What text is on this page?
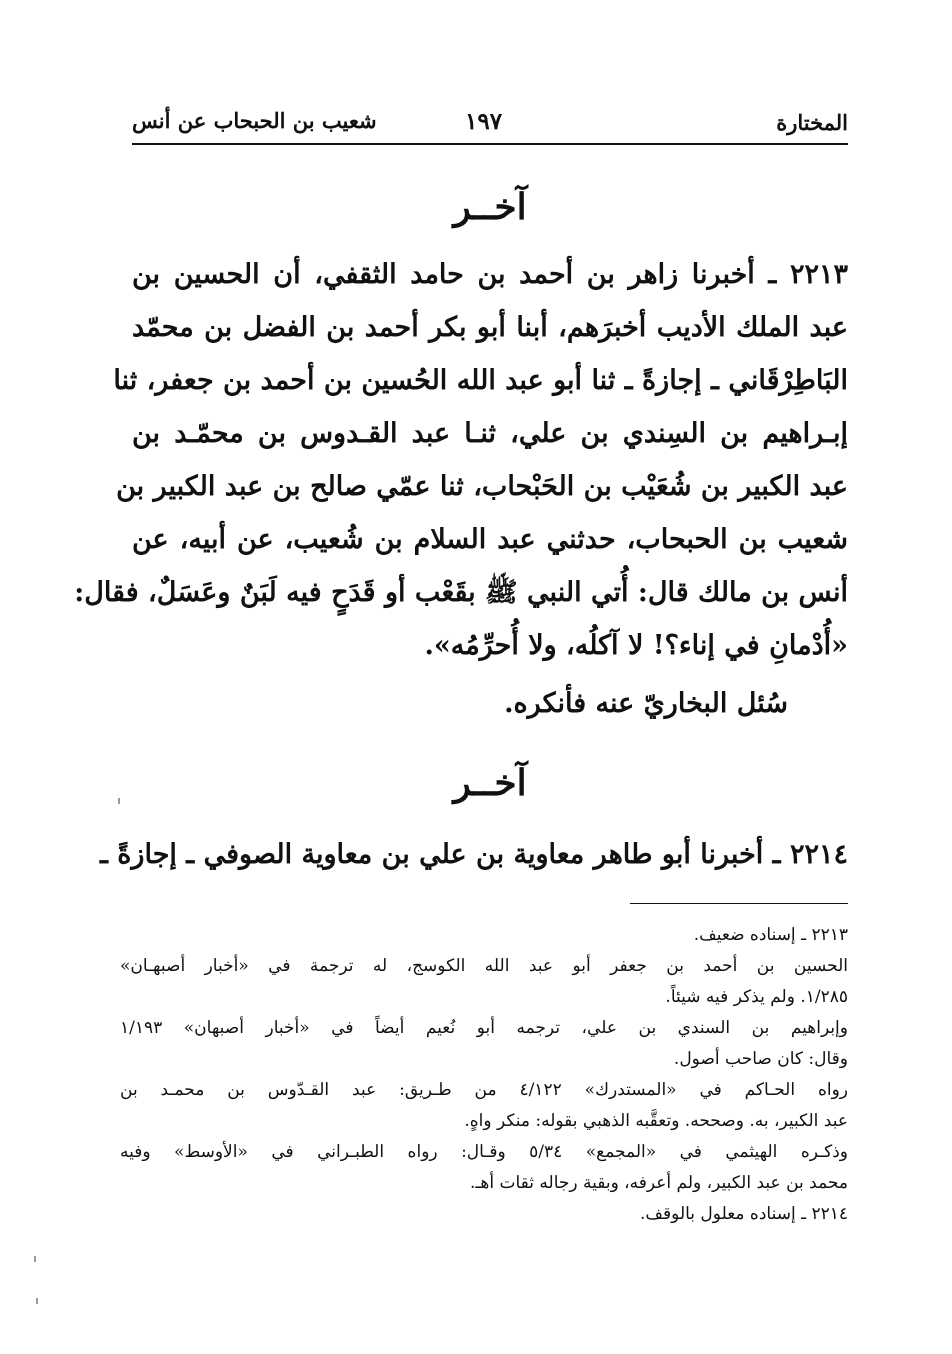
المختارة
١٩٧
شعيب بن الحبحاب عن أنس
آخــر
٢٢١٣ ـ أخبرنا زاهر بن أحمد بن حامد الثقفي، أن الحسين بن
عبد الملك الأديب أخبرَهم، أبنا أبو بكر أحمد بن الفضل بن محمّد
البَاطِرْقَاني ـ إجازةً ـ ثنا أبو عبد الله الحُسين بن أحمد بن جعفر، ثنا
إبـراهيم بن السِندي بن علي، ثنـا عبد القـدوس بن محمّـد بن
عبد الكبير بن شُعَيْب بن الحَبْحاب، ثنا عمّي صالح بن عبد الكبير بن
شعيب بن الحبحاب، حدثني عبد السلام بن شُعيب، عن أبيه، عن
أنس بن مالك قال: أُتي النبي ﷺ بقَعْب أو قَدَحٍ فيه لَبَنٌ وعَسَلٌ، فقال:
«أُدْمانِ في إناء؟! لا آكلُه، ولا أُحرِّمُه».
سُئل البخاريّ عنه فأنكره.
آخــر
٢٢١٤ ـ أخبرنا أبو طاهر معاوية بن علي بن معاوية الصوفي ـ إجازةً ـ
٢٢١٣ ـ إسناده ضعيف.
الحسين بن أحمد بن جعفر أبو عبد الله الكوسج، له ترجمة في «أخبار أصبهـان»
١/٢٨٥. ولم يذكر فيه شيئاً.
وإبراهيم بن السندي بن علي، ترجمه أبو نُعيم أيضاً في «أخبار أصبهان» ١/١٩٣
وقال: كان صاحب أصول.
رواه الحـاكم في «المستدرك» ٤/١٢٢ من طـريق: عبد القـدّوس بن محمـد بن
عبد الكبير، به. وصححه. وتعقَّبه الذهبي بقوله: منكر واهٍ.
وذكـره الهيثمي في «المجمع» ٥/٣٤ وقـال: رواه الطبـراني في «الأوسط» وفيه
محمد بن عبد الكبير، ولم أعرفه، وبقية رجاله ثقات أهـ.
٢٢١٤ ـ إسناده معلول بالوقف.
